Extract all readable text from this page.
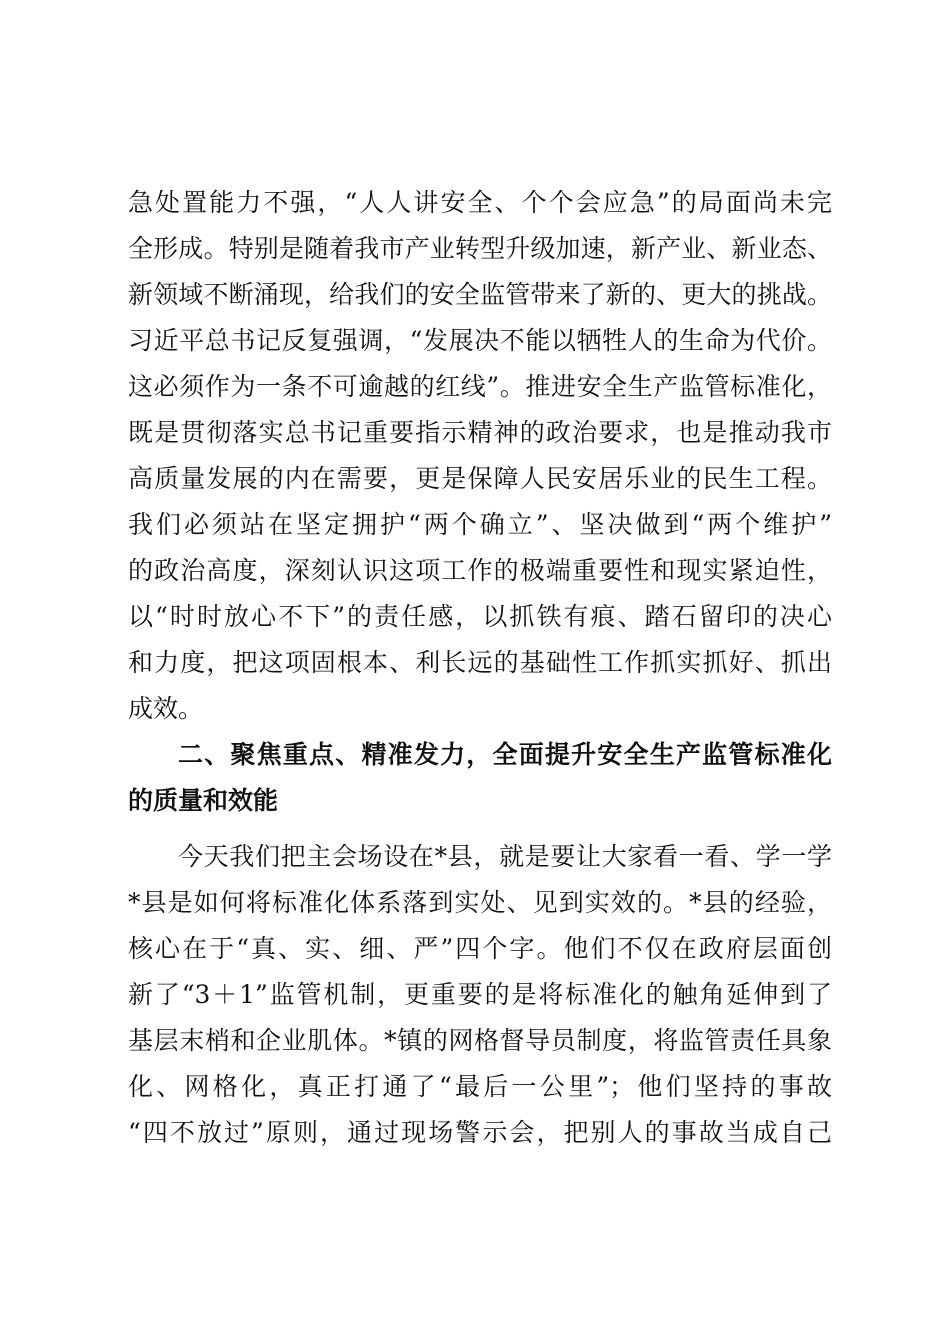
急处置能力不强，“人人讲安全、个个会应急”的局面尚未完
全形成。特别是随着我市产业转型升级加速，新产业、新业态、
新领域不断涌现，给我们的安全监管带来了新的、更大的挑战。
习近平总书记反复强调，“发展决不能以牺牲人的生命为代价。
这必须作为一条不可逾越的红线”。推进安全生产监管标准化，
既是贯彻落实总书记重要指示精神的政治要求，也是推动我市
高质量发展的内在需要，更是保障人民安居乐业的民生工程。
我们必须站在坚定拥护“两个确立”、坚决做到“两个维护”
的政治高度，深刻认识这项工作的极端重要性和现实紧迫性，
以“时时放心不下”的责任感，以抓铁有痕、踏石留印的决心
和力度，把这项固根本、利长远的基础性工作抓实抓好、抓出
成效。
二、聚焦重点、精准发力，全面提升安全生产监管标准化
的质量和效能
今天我们把主会场设在*县，就是要让大家看一看、学一学
*县是如何将标准化体系落到实处、见到实效的。*县的经验，
核心在于“真、实、细、严”四个字。他们不仅在政府层面创
新了“3＋1”监管机制，更重要的是将标准化的触角延伸到了
基层末梢和企业肌体。*镇的网格督导员制度，将监管责任具象
化、网格化，真正打通了“最后一公里”；他们坚持的事故
“四不放过”原则，通过现场警示会，把别人的事故当成自己
